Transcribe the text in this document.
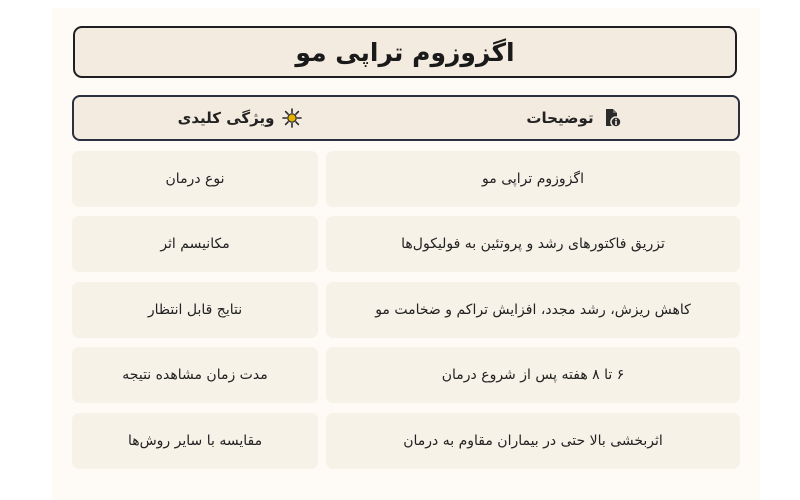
اگزوزوم تراپی مو
توضیحات
ویژگی کلیدی
اگزوزوم تراپی مو
نوع درمان
تزریق فاکتورهای رشد و پروتئین به فولیکول‌ها
مکانیسم اثر
کاهش ریزش، رشد مجدد، افزایش تراکم و ضخامت مو
نتایج قابل انتظار
۶ تا ۸ هفته پس از شروع درمان
مدت زمان مشاهده نتیجه
اثربخشی بالا حتی در بیماران مقاوم به درمان
مقایسه با سایر روش‌ها
